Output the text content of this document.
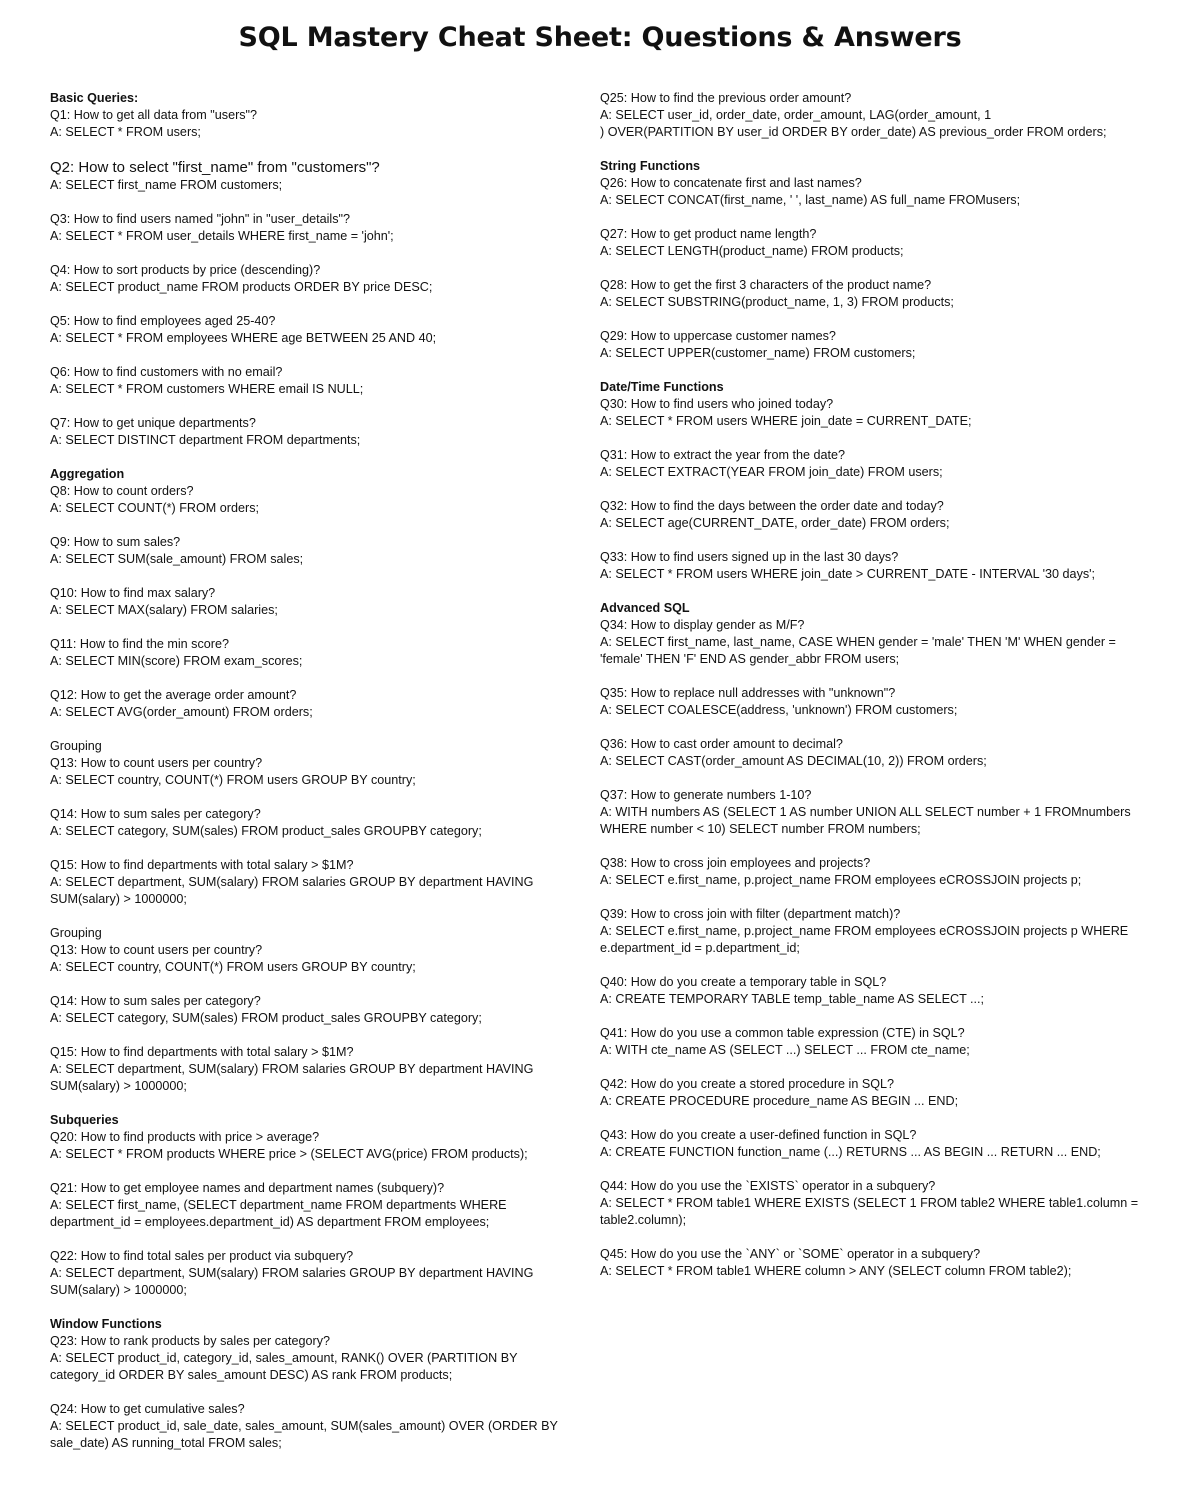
SQL Mastery Cheat Sheet: Questions & Answers
Basic Queries:
Q1: How to get all data from "users"?
A: SELECT * FROM users;
Q2: How to select "first_name" from "customers"?
A: SELECT first_name FROM customers;
Q3: How to find users named "john" in "user_details"?
A: SELECT * FROM user_details WHERE first_name = 'john';
Q4: How to sort products by price (descending)?
A: SELECT product_name FROM products ORDER BY price DESC;
Q5: How to find employees aged 25-40?
A: SELECT * FROM employees WHERE age BETWEEN 25 AND 40;
Q6: How to find customers with no email?
A: SELECT * FROM customers WHERE email IS NULL;
Q7: How to get unique departments?
A: SELECT DISTINCT department FROM departments;
Aggregation
Q8: How to count orders?
A: SELECT COUNT(*) FROM orders;
Q9: How to sum sales?
A: SELECT SUM(sale_amount) FROM sales;
Q10: How to find max salary?
A: SELECT MAX(salary) FROM salaries;
Q11: How to find the min score?
A: SELECT MIN(score) FROM exam_scores;
Q12: How to get the average order amount?
A: SELECT AVG(order_amount) FROM orders;
Grouping
Q13: How to count users per country?
A: SELECT country, COUNT(*) FROM users GROUP BY country;
Q14: How to sum sales per category?
A: SELECT category, SUM(sales) FROM product_sales GROUPBY category;
Q15: How to find departments with total salary > $1M?
A: SELECT department, SUM(salary) FROM salaries GROUP BY department HAVING SUM(salary) > 1000000;
Grouping
Q13: How to count users per country?
A: SELECT country, COUNT(*) FROM users GROUP BY country;
Q14: How to sum sales per category?
A: SELECT category, SUM(sales) FROM product_sales GROUPBY category;
Q15: How to find departments with total salary > $1M?
A: SELECT department, SUM(salary) FROM salaries GROUP BY department HAVING SUM(salary) > 1000000;
Subqueries
Q20: How to find products with price > average?
A: SELECT * FROM products WHERE price > (SELECT AVG(price) FROM products);
Q21: How to get employee names and department names (subquery)?
A: SELECT first_name, (SELECT department_name FROM departments WHERE department_id = employees.department_id) AS department FROM employees;
Q22: How to find total sales per product via subquery?
A: SELECT department, SUM(salary) FROM salaries GROUP BY department HAVING SUM(salary) > 1000000;
Window Functions
Q23: How to rank products by sales per category?
A: SELECT product_id, category_id, sales_amount, RANK() OVER (PARTITION BY category_id ORDER BY sales_amount DESC) AS rank FROM products;
Q24: How to get cumulative sales?
A: SELECT product_id, sale_date, sales_amount, SUM(sales_amount) OVER (ORDER BY sale_date) AS running_total FROM sales;
Q25: How to find the previous order amount?
A: SELECT user_id, order_date, order_amount, LAG(order_amount, 1
) OVER(PARTITION BY user_id ORDER BY order_date) AS previous_order FROM orders;
String Functions
Q26: How to concatenate first and last names?
A: SELECT CONCAT(first_name, ' ', last_name) AS full_name FROMusers;
Q27: How to get product name length?
A: SELECT LENGTH(product_name) FROM products;
Q28: How to get the first 3 characters of the product name?
A: SELECT SUBSTRING(product_name, 1, 3) FROM products;
Q29: How to uppercase customer names?
A: SELECT UPPER(customer_name) FROM customers;
Date/Time Functions
Q30: How to find users who joined today?
A: SELECT * FROM users WHERE join_date = CURRENT_DATE;
Q31: How to extract the year from the date?
A: SELECT EXTRACT(YEAR FROM join_date) FROM users;
Q32: How to find the days between the order date and today?
A: SELECT age(CURRENT_DATE, order_date) FROM orders;
Q33: How to find users signed up in the last 30 days?
A: SELECT * FROM users WHERE join_date > CURRENT_DATE - INTERVAL '30 days';
Advanced SQL
Q34: How to display gender as M/F?
A: SELECT first_name, last_name, CASE WHEN gender = 'male' THEN 'M' WHEN gender = 'female' THEN 'F' END AS gender_abbr FROM users;
Q35: How to replace null addresses with "unknown"?
A: SELECT COALESCE(address, 'unknown') FROM customers;
Q36: How to cast order amount to decimal?
A: SELECT CAST(order_amount AS DECIMAL(10, 2)) FROM orders;
Q37: How to generate numbers 1-10?
A: WITH numbers AS (SELECT 1 AS number UNION ALL SELECT number + 1 FROMnumbers WHERE number < 10) SELECT number FROM numbers;
Q38: How to cross join employees and projects?
A: SELECT e.first_name, p.project_name FROM employees eCROSSJOIN projects p;
Q39: How to cross join with filter (department match)?
A: SELECT e.first_name, p.project_name FROM employees eCROSSJOIN projects p WHERE e.department_id = p.department_id;
Q40: How do you create a temporary table in SQL?
A: CREATE TEMPORARY TABLE temp_table_name AS SELECT ...;
Q41: How do you use a common table expression (CTE) in SQL?
A: WITH cte_name AS (SELECT ...) SELECT ... FROM cte_name;
Q42: How do you create a stored procedure in SQL?
A: CREATE PROCEDURE procedure_name AS BEGIN ... END;
Q43: How do you create a user-defined function in SQL?
A: CREATE FUNCTION function_name (...) RETURNS ... AS BEGIN ... RETURN ... END;
Q44: How do you use the `EXISTS` operator in a subquery?
A: SELECT * FROM table1 WHERE EXISTS (SELECT 1 FROM table2 WHERE table1.column = table2.column);
Q45: How do you use the `ANY` or `SOME` operator in a subquery?
A: SELECT * FROM table1 WHERE column > ANY (SELECT column FROM table2);
